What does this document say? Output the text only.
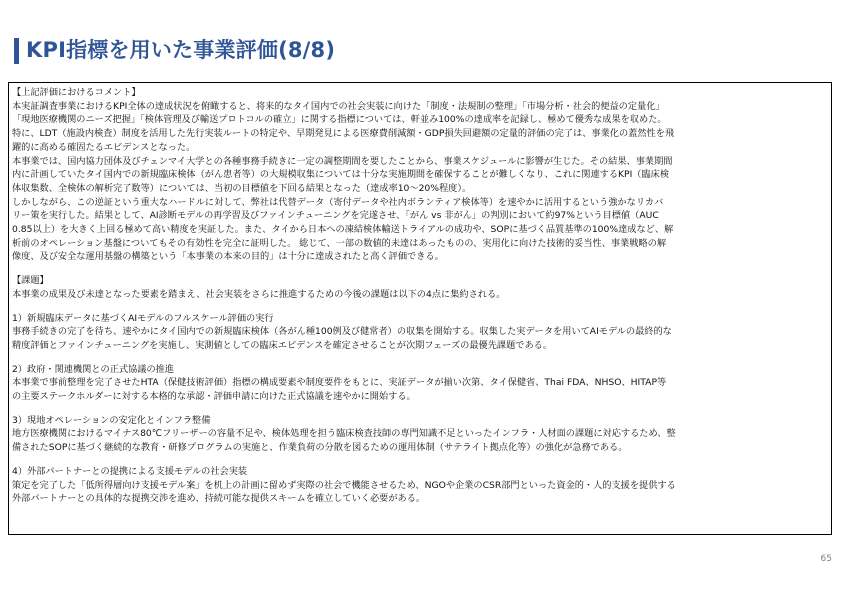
KPI指標を用いた事業評価(8/8)
【上記評価におけるコメント】
本実証調査事業におけるKPI全体の達成状況を俯瞰すると、将来的なタイ国内での社会実装に向けた「制度・法規制の整理」「市場分析・社会的便益の定量化」
「現地医療機関のニーズ把握」「検体管理及び輸送プロトコルの確立」に関する指標については、軒並み100%の達成率を記録し、極めて優秀な成果を収めた。
特に、LDT（施設内検査）制度を活用した先行実装ルートの特定や、早期発見による医療費削減額・GDP損失回避額の定量的評価の完了は、事業化の蓋然性を飛
躍的に高める確固たるエビデンスとなった。
本事業では、国内協力団体及びチェンマイ大学との各種事務手続きに一定の調整期間を要したことから、事業スケジュールに影響が生じた。その結果、事業期間
内に計画していたタイ国内での新規臨床検体（がん患者等）の大規模収集については十分な実施期間を確保することが難しくなり、これに関連するKPI（臨床検
体収集数、全検体の解析完了数等）については、当初の目標値を下回る結果となった（達成率10～20%程度）。
しかしながら、この逆証という重大なハードルに対して、弊社は代替データ（寄付データや社内ボランティア検体等）を速やかに活用するという強かなリカバ
リー策を実行した。結果として、AI診断モデルの再学習及びファインチューニングを完遂させ、「がん vs 非がん」の判別において約97%という目標値（AUC
0.85以上）を大きく上回る極めて高い精度を実証した。また、タイから日本への凍結検体輸送トライアルの成功や、SOPに基づく品質基準の100%達成など、解
析前のオペレーション基盤についてもその有効性を完全に証明した。 総じて、一部の数値的未達はあったものの、実用化に向けた技術的妥当性、事業戦略の解
像度、及び安全な運用基盤の構築という「本事業の本来の目的」は十分に達成されたと高く評価できる。
【課題】
本事業の成果及び未達となった要素を踏まえ、社会実装をさらに推進するための今後の課題は以下の4点に集約される。
1）新規臨床データに基づくAIモデルのフルスケール評価の実行
事務手続きの完了を待ち、速やかにタイ国内での新規臨床検体（各がん種100例及び健常者）の収集を開始する。収集した実データを用いてAIモデルの最終的な
精度評価とファインチューニングを実施し、実測値としての臨床エビデンスを確定させることが次期フェーズの最優先課題である。
2）政府・関連機関との正式協議の推進
本事業で事前整理を完了させたHTA（保健技術評価）指標の構成要素や制度要件をもとに、実証データが揃い次第、タイ保健省、Thai FDA、NHSO、HITAP等
の主要ステークホルダーに対する本格的な承認・評価申請に向けた正式協議を速やかに開始する。
3）現地オペレーションの安定化とインフラ整備
地方医療機関におけるマイナス80℃フリーザーの容量不足や、検体処理を担う臨床検査技師の専門知識不足といったインフラ・人材面の課題に対応するため、整
備されたSOPに基づく継続的な教育・研修プログラムの実施と、作業負荷の分散を図るための運用体制（サテライト拠点化等）の強化が急務である。
4）外部パートナーとの提携による支援モデルの社会実装
策定を完了した「低所得層向け支援モデル案」を机上の計画に留めず実際の社会で機能させるため、NGOや企業のCSR部門といった資金的・人的支援を提供する
外部パートナーとの具体的な提携交渉を進め、持続可能な提供スキームを確立していく必要がある。
65
